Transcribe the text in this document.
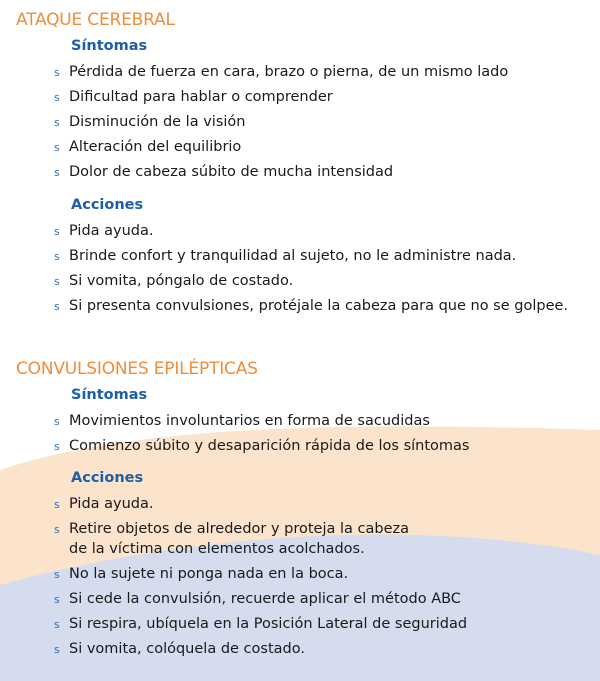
ATAQUE CEREBRAL
Síntomas
s Pérdida de fuerza en cara, brazo o pierna, de un mismo lado
s Dificultad para hablar o comprender
s Disminución de la visión
s Alteración del equilibrio
s Dolor de cabeza súbito de mucha intensidad
Acciones
s Pida ayuda.
s Brinde confort y tranquilidad al sujeto, no le administre nada.
s Si vomita, póngalo de costado.
s Si presenta convulsiones, protéjale la cabeza para que no se golpee.
CONVULSIONES EPILÉPTICAS
Síntomas
s Movimientos involuntarios en forma de sacudidas
s Comienzo súbito y desaparición rápida de los síntomas
Acciones
s Pida ayuda.
s Retire objetos de alrededor y proteja la cabeza
de la víctima con elementos acolchados.
s No la sujete ni ponga nada en la boca.
s Si cede la convulsión, recuerde aplicar el método ABC
s Si respira, ubíquela en la Posición Lateral de seguridad
s Si vomita, colóquela de costado.
